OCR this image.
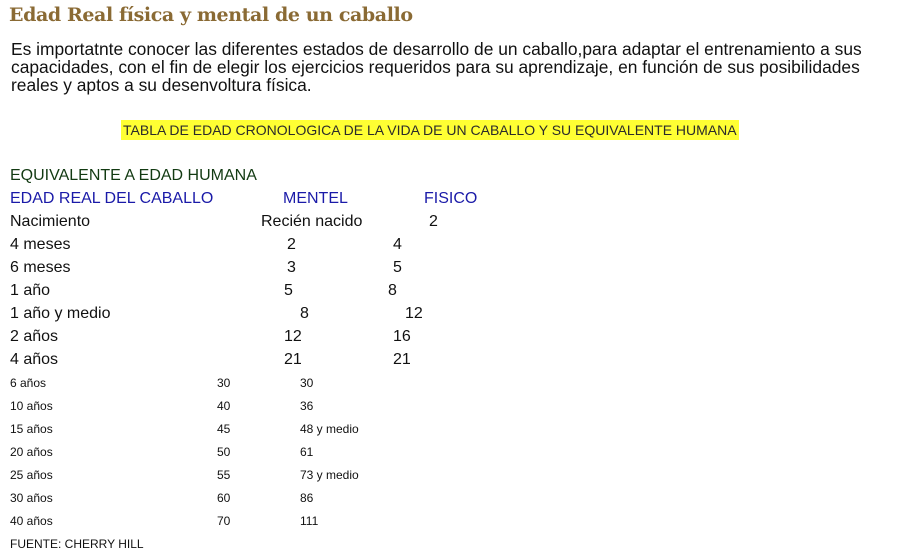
Edad Real física y mental de un caballo

Es importatnte conocer las diferentes estados de desarrollo de un caballo,para adaptar el entrenamiento a sus capacidades, con el fin de elegir los ejercicios requeridos para su aprendizaje, en función de sus posibilidades reales y aptos a su desenvoltura física.

TABLA DE EDAD CRONOLOGICA DE LA VIDA DE UN CABALLO Y SU EQUIVALENTE HUMANA
EQUIVALENTE A EDAD HUMANA
EDAD REAL DEL CABALLO	MENTEL	FISICO
Nacimiento	Recién nacido	2
4 meses	2	4
6 meses	3	5
1 año	5	8
1 año y medio	8	12
2 años	12	16
4 años	21	21
6 años	30	30
10 años	40	36
15 años	45	48 y medio
20 años	50	61
25 años	55	73 y medio
30 años	60	86
40 años	70	111
FUENTE: CHERRY HILL
